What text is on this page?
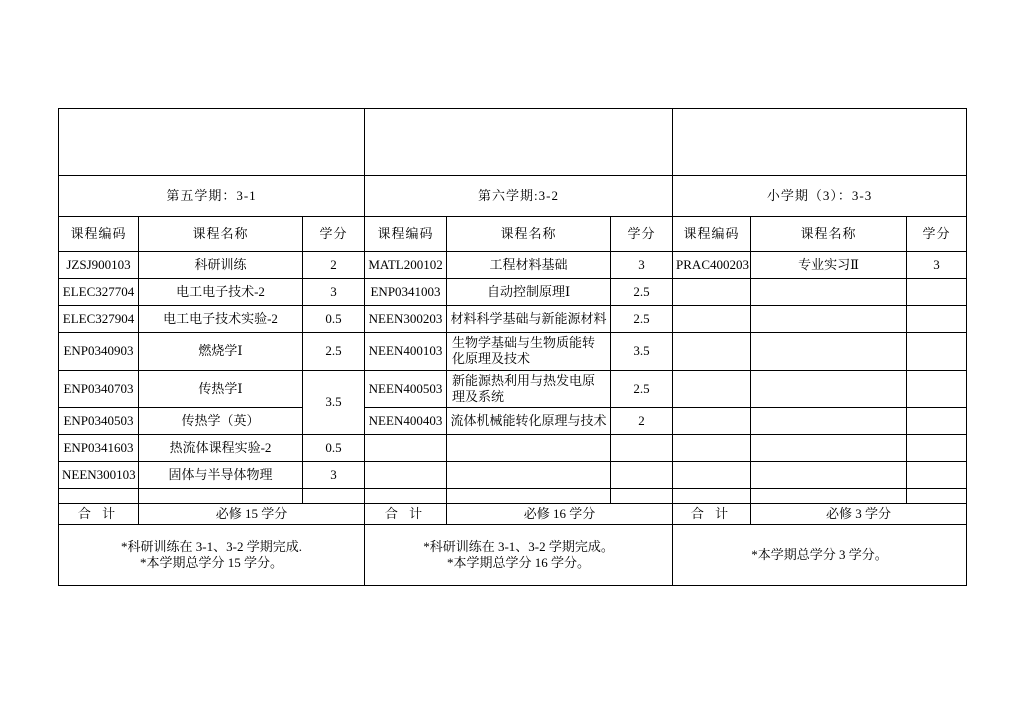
第五学期：3-1			第六学期:3-2			小学期（3）：3-3		
课程编码	课程名称	学分	课程编码	课程名称	学分	课程编码	课程名称	学分
JZSJ900103	科研训练	2	MATL200102	工程材料基础	3	PRAC400203	专业实习Ⅱ	3
ELEC327704	电工电子技术-2	3	ENP0341003	自动控制原理Ⅰ	2.5			
ELEC327904	电工电子技术实验-2	0.5	NEEN300203	材料科学基础与新能源材料	2.5			
ENP0340903	燃烧学Ⅰ	2.5	NEEN400103	生物学基础与生物质能转化原理及技术	3.5			
ENP0340703	传热学Ⅰ	3.5	NEEN400503	新能源热利用与热发电原理及系统	2.5			
ENP0340503	传热学（英）		NEEN400403	流体机械能转化原理与技术	2			
ENP0341603	热流体课程实验-2	0.5						
NEEN300103	固体与半导体物理	3						

合 计	必修 15 学分		合 计	必修 16 学分		合 计	必修 3 学分	

*科研训练在 3-1、3-2 学期完成.
*本学期总学分 15 学分。			*科研训练在 3-1、3-2 学期完成。
*本学期总学分 16 学分。			*本学期总学分 3 学分。		
